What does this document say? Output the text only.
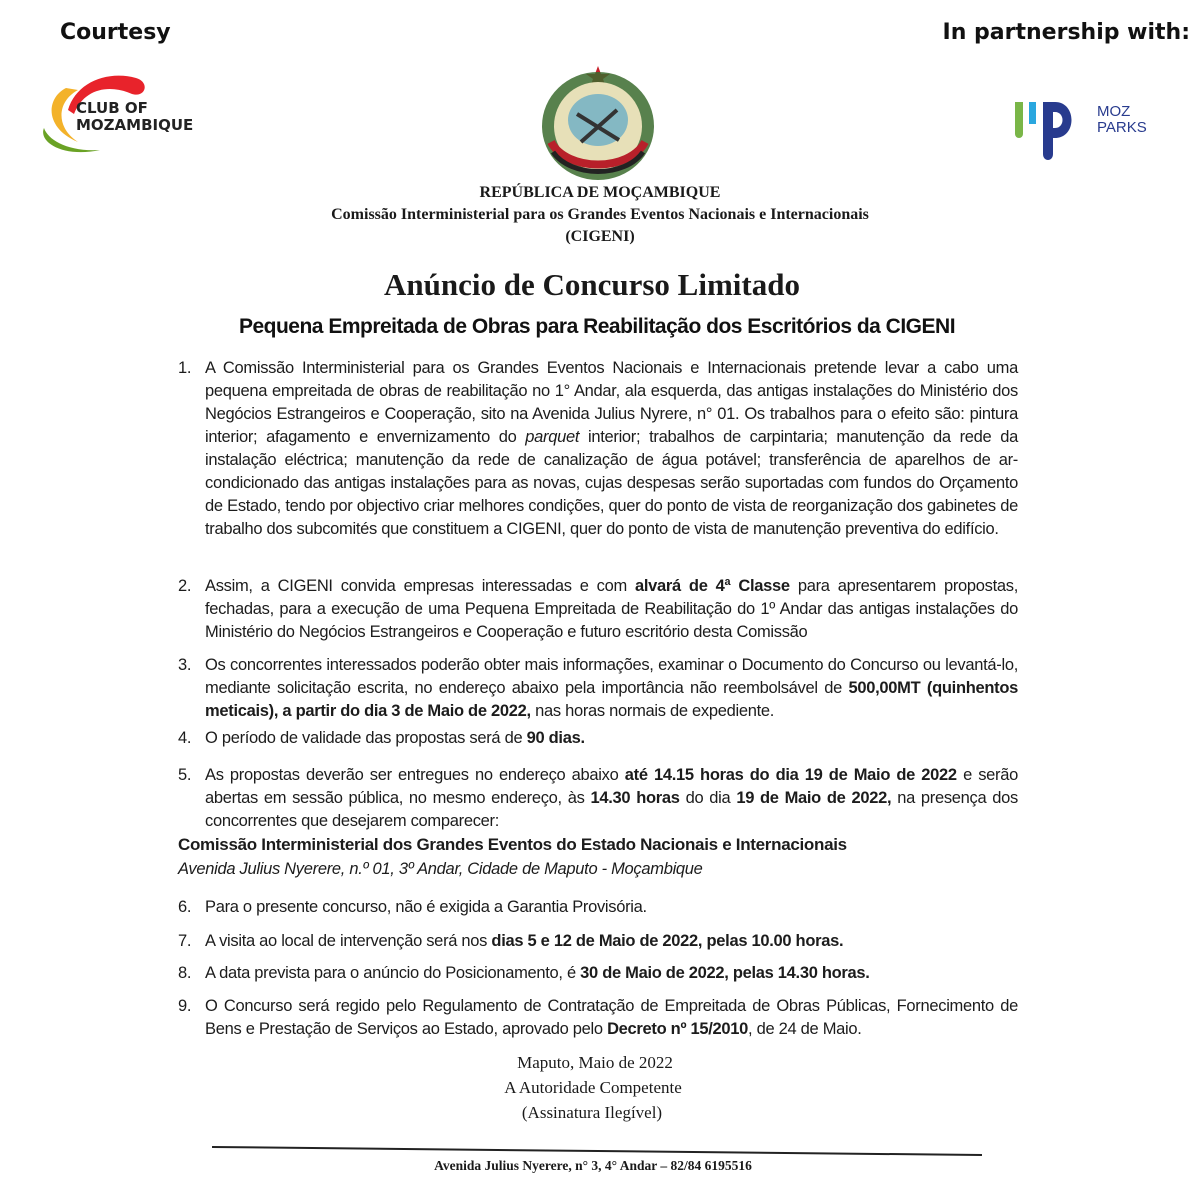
Courtesy	In partnership with:
CLUB OF
MOZAMBIQUE
MOZ
PARKS
REPÚBLICA DE MOÇAMBIQUE
Comissão Interministerial para os Grandes Eventos Nacionais e Internacionais
(CIGENI)
Anúncio de Concurso Limitado
Pequena Empreitada de Obras para Reabilitação dos Escritórios da CIGENI
1. A Comissão Interministerial para os Grandes Eventos Nacionais e Internacionais pretende levar a cabo uma pequena empreitada de obras de reabilitação no 1° Andar, ala esquerda, das antigas instalações do Ministério dos Negócios Estrangeiros e Cooperação, sito na Avenida Julius Nyrere, n° 01. Os trabalhos para o efeito são: pintura interior; afagamento e envernizamento do parquet interior; trabalhos de carpintaria; manutenção da rede da instalação eléctrica; manutenção da rede de canalização de água potável; transferência de aparelhos de ar-condicionado das antigas instalações para as novas, cujas despesas serão suportadas com fundos do Orçamento de Estado, tendo por objectivo criar melhores condições, quer do ponto de vista de reorganização dos gabinetes de trabalho dos subcomités que constituem a CIGENI, quer do ponto de vista de manutenção preventiva do edifício.
2. Assim, a CIGENI convida empresas interessadas e com alvará de 4ª Classe para apresentarem propostas, fechadas, para a execução de uma Pequena Empreitada de Reabilitação do 1º Andar das antigas instalações do Ministério do Negócios Estrangeiros e Cooperação e futuro escritório desta Comissão
3. Os concorrentes interessados poderão obter mais informações, examinar o Documento do Concurso ou levantá-lo, mediante solicitação escrita, no endereço abaixo pela importância não reembolsável de 500,00MT (quinhentos meticais), a partir do dia 3 de Maio de 2022, nas horas normais de expediente.
4. O período de validade das propostas será de 90 dias.
5. As propostas deverão ser entregues no endereço abaixo até 14.15 horas do dia 19 de Maio de 2022 e serão abertas em sessão pública, no mesmo endereço, às 14.30 horas do dia 19 de Maio de 2022, na presença dos concorrentes que desejarem comparecer:
Comissão Interministerial dos Grandes Eventos do Estado Nacionais e Internacionais
Avenida Julius Nyerere, n.º 01, 3º Andar, Cidade de Maputo - Moçambique
6. Para o presente concurso, não é exigida a Garantia Provisória.
7. A visita ao local de intervenção será nos dias 5 e 12 de Maio de 2022, pelas 10.00 horas.
8. A data prevista para o anúncio do Posicionamento, é 30 de Maio de 2022, pelas 14.30 horas.
9. O Concurso será regido pelo Regulamento de Contratação de Empreitada de Obras Públicas, Fornecimento de Bens e Prestação de Serviços ao Estado, aprovado pelo Decreto nº 15/2010, de 24 de Maio.
Maputo, Maio de 2022
A Autoridade Competente
(Assinatura Ilegível)
Avenida Julius Nyerere, n° 3, 4° Andar – 82/84 6195516
